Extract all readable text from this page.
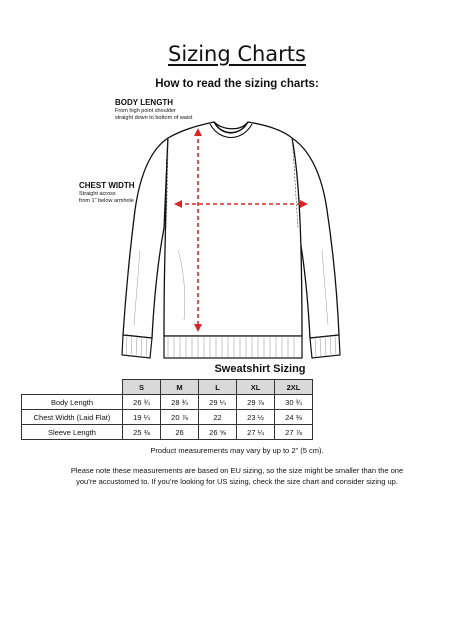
Sizing Charts
How to read the sizing charts:
BODY LENGTH
From high point shoulder
straight down to bottom of waist
CHEST WIDTH
Straight across
from 1" below armhole
Sweatshirt Sizing
	S	M	L	XL	2XL
Body Length	26 ¾	28 ¾	29 ¼	29 ⅞	30 ¾
Chest Width (Laid Flat)	19 ¼	20 ⅞	22	23 ½	24 ⅜
Sleeve Length	25 ⅜	26	26 ⅝	27 ¼	27 ⅞
Product measurements may vary by up to 2" (5 cm).
Please note these measurements are based on EU sizing, so the size might be smaller than the one
you’re accustomed to. If you’re looking for US sizing, check the size chart and consider sizing up.
